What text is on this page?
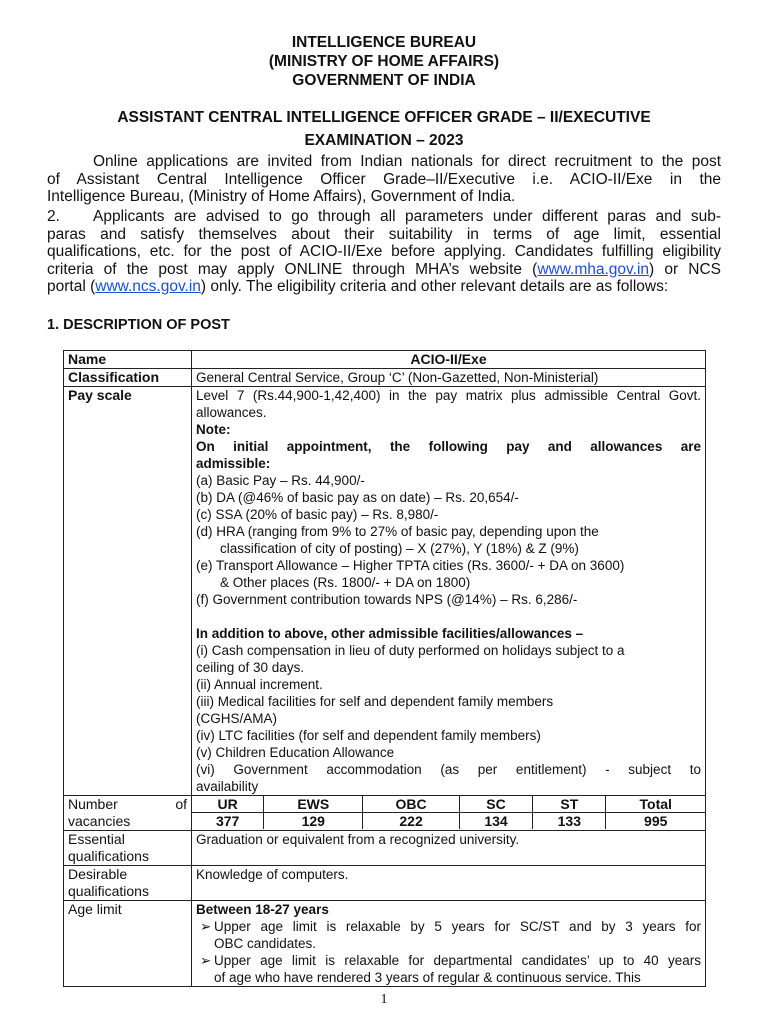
INTELLIGENCE BUREAU
(MINISTRY OF HOME AFFAIRS)
GOVERNMENT OF INDIA
ASSISTANT CENTRAL INTELLIGENCE OFFICER GRADE – II/EXECUTIVE
EXAMINATION – 2023
Online applications are invited from Indian nationals for direct recruitment to the post
of Assistant Central Intelligence Officer Grade–II/Executive i.e. ACIO-II/Exe in the
Intelligence Bureau, (Ministry of Home Affairs), Government of India.
2.	Applicants are advised to go through all parameters under different paras and sub-
paras and satisfy themselves about their suitability in terms of age limit, essential
qualifications, etc. for the post of ACIO-II/Exe before applying. Candidates fulfilling eligibility
criteria of the post may apply ONLINE through MHA’s website (www.mha.gov.in) or NCS
portal (www.ncs.gov.in) only. The eligibility criteria and other relevant details are as follows:
1. DESCRIPTION OF POST
Name	ACIO-II/Exe
Classification	General Central Service, Group ‘C’ (Non-Gazetted, Non-Ministerial)
Pay scale	Level 7 (Rs.44,900-1,42,400) in the pay matrix plus admissible Central Govt.
allowances.
Note:
On initial appointment, the following pay and allowances are
admissible:
(a) Basic Pay – Rs. 44,900/-
(b) DA (@46% of basic pay as on date) – Rs. 20,654/-
(c) SSA (20% of basic pay) – Rs. 8,980/-
(d) HRA (ranging from 9% to 27% of basic pay, depending upon the
classification of city of posting) – X (27%), Y (18%) & Z (9%)
(e) Transport Allowance – Higher TPTA cities (Rs. 3600/- + DA on 3600)
& Other places (Rs. 1800/- + DA on 1800)
(f) Government contribution towards NPS (@14%) – Rs. 6,286/-

In addition to above, other admissible facilities/allowances –
(i) Cash compensation in lieu of duty performed on holidays subject to a
ceiling of 30 days.
(ii) Annual increment.
(iii) Medical facilities for self and dependent family members
(CGHS/AMA)
(iv) LTC facilities (for self and dependent family members)
(v) Children Education Allowance
(vi) Government accommodation (as per entitlement) - subject to
availability

Number	of
vacancies

UR	EWS	OBC	SC	ST	Total
377	129	222	134	133	995

Essential
qualifications
	Graduation or equivalent from a recognized university.

Desirable
qualifications
	Knowledge of computers.
Age limit	Between 18-27 years
➢ Upper age limit is relaxable by 5 years for SC/ST and by 3 years for
OBC candidates.
➢ Upper age limit is relaxable for departmental candidates’ up to 40 years
of age who have rendered 3 years of regular & continuous service. This
1
